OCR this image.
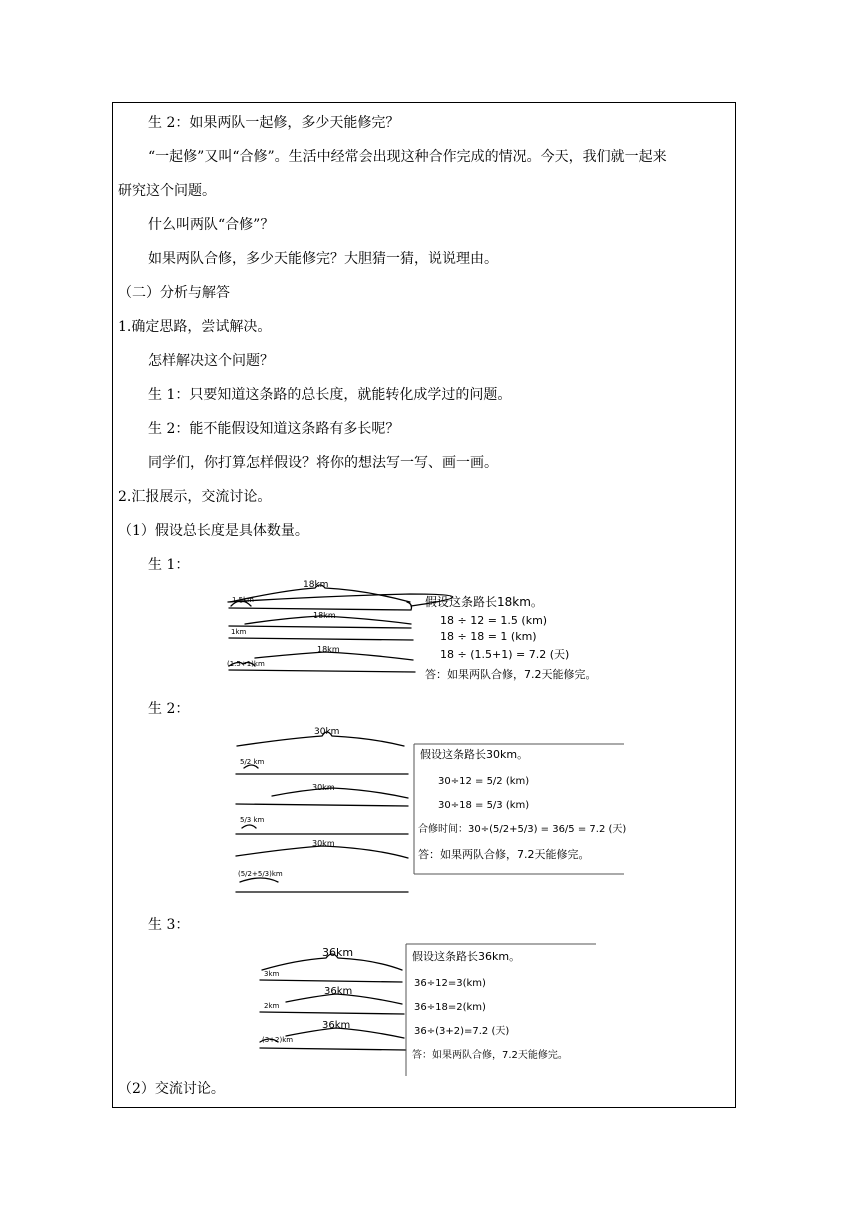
生 2：如果两队一起修，多少天能修完？
“一起修”又叫“合修”。生活中经常会出现这种合作完成的情况。今天，我们就一起来
研究这个问题。
什么叫两队“合修”？
如果两队合修，多少天能修完？大胆猜一猜，说说理由。
（二）分析与解答
1.确定思路，尝试解决。
怎样解决这个问题？
生 1：只要知道这条路的总长度，就能转化成学过的问题。
生 2：能不能假设知道这条路有多长呢？
同学们，你打算怎样假设？将你的想法写一写、画一画。
2.汇报展示，交流讨论。
（1）假设总长度是具体数量。
生 1：
生 2：
生 3：
（2）交流讨论。
18km
1.5km
18km
1km
18km
(1.5+1)km
假设这条路长18km。
18 ÷ 12 = 1.5 (km)
18 ÷ 18 = 1 (km)
18 ÷ (1.5+1) = 7.2 (天)
答：如果两队合修，7.2天能修完。
30km
5/2 km
30km
5/3 km
30km
(5/2+5/3)km
假设这条路长30km。
30÷12 = 5/2 (km)
30÷18 = 5/3 (km)
合修时间：30÷(5/2+5/3) = 36/5 = 7.2 (天)
答：如果两队合修，7.2天能修完。
36km
3km
36km
2km
36km
(3+2)km
假设这条路长36km。
36÷12=3(km)
36÷18=2(km)
36÷(3+2)=7.2 (天)
答：如果两队合修，7.2天能修完。
